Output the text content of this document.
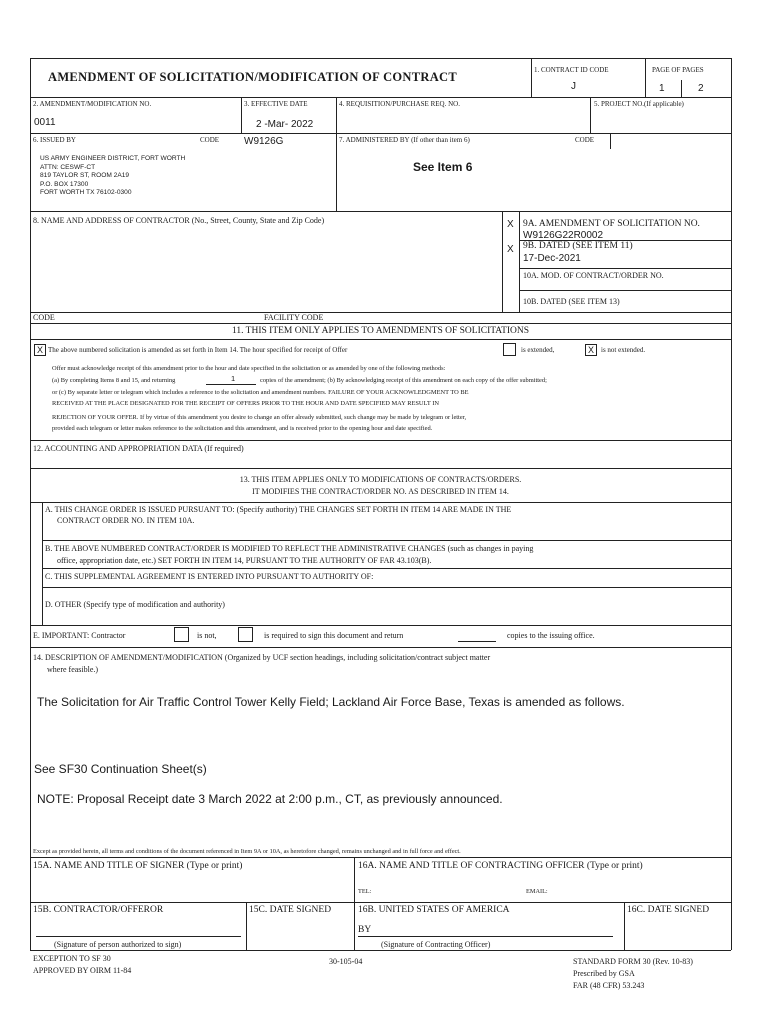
AMENDMENT OF SOLICITATION/MODIFICATION OF CONTRACT	1. CONTRACT ID CODE
J
PAGE OF PAGES
1	2
2. AMENDMENT/MODIFICATION NO.
0011
3. EFFECTIVE DATE
2 -Mar- 2022
4. REQUISITION/PURCHASE REQ. NO.	5. PROJECT NO.(If applicable)
6. ISSUED BY	CODE W9126G	7. ADMINISTERED BY (If other than item 6)	CODE
US ARMY ENGINEER DISTRICT, FORT WORTH
ATTN: CESWF-CT
819 TAYLOR ST, ROOM 2A19
P.O. BOX 17300
FORT WORTH TX 76102-0300
See Item 6
8. NAME AND ADDRESS OF CONTRACTOR (No., Street, County, State and Zip Code)	X 9A. AMENDMENT OF SOLICITATION NO.
W9126G22R0002
X 9B. DATED (SEE ITEM 11)
17-Dec-2021
10A. MOD. OF CONTRACT/ORDER NO.
10B. DATED (SEE ITEM 13)
CODE	FACILITY CODE
11. THIS ITEM ONLY APPLIES TO AMENDMENTS OF SOLICITATIONS
X The above numbered solicitation is amended as set forth in Item 14. The hour specified for receipt of Offer	is extended,	X	is not extended.
Offer must acknowledge receipt of this amendment prior to the hour and date specified in the solicitation or as amended by one of the following methods:
(a) By completing Items 8 and 15, and returning	1	copies of the amendment; (b) By acknowledging receipt of this amendment on each copy of the offer submitted;
or (c) By separate letter or telegram which includes a reference to the solicitation and amendment numbers. FAILURE OF YOUR ACKNOWLEDGMENT TO BE
RECEIVED AT THE PLACE DESIGNATED FOR THE RECEIPT OF OFFERS PRIOR TO THE HOUR AND DATE SPECIFIED MAY RESULT IN
REJECTION OF YOUR OFFER. If by virtue of this amendment you desire to change an offer already submitted, such change may be made by telegram or letter,
provided each telegram or letter makes reference to the solicitation and this amendment, and is received prior to the opening hour and date specified.
12. ACCOUNTING AND APPROPRIATION DATA (If required)
13. THIS ITEM APPLIES ONLY TO MODIFICATIONS OF CONTRACTS/ORDERS.
IT MODIFIES THE CONTRACT/ORDER NO. AS DESCRIBED IN ITEM 14.
A. THIS CHANGE ORDER IS ISSUED PURSUANT TO: (Specify authority) THE CHANGES SET FORTH IN ITEM 14 ARE MADE IN THE
CONTRACT ORDER NO. IN ITEM 10A.
B. THE ABOVE NUMBERED CONTRACT/ORDER IS MODIFIED TO REFLECT THE ADMINISTRATIVE CHANGES (such as changes in paying
office, appropriation date, etc.) SET FORTH IN ITEM 14, PURSUANT TO THE AUTHORITY OF FAR 43.103(B).
C. THIS SUPPLEMENTAL AGREEMENT IS ENTERED INTO PURSUANT TO AUTHORITY OF:
D. OTHER (Specify type of modification and authority)
E. IMPORTANT: Contractor	is not,	is required to sign this document and return	copies to the issuing office.
14. DESCRIPTION OF AMENDMENT/MODIFICATION (Organized by UCF section headings, including solicitation/contract subject matter
where feasible.)
The Solicitation for Air Traffic Control Tower Kelly Field; Lackland Air Force Base, Texas is amended as follows.
See SF30 Continuation Sheet(s)
NOTE: Proposal Receipt date 3 March 2022 at 2:00 p.m., CT, as previously announced.
Except as provided herein, all terms and conditions of the document referenced in Item 9A or 10A, as heretofore changed, remains unchanged and in full force and effect.
15A. NAME AND TITLE OF SIGNER (Type or print)	16A. NAME AND TITLE OF CONTRACTING OFFICER (Type or print)
TEL:	EMAIL:
15B. CONTRACTOR/OFFEROR	15C. DATE SIGNED	16B. UNITED STATES OF AMERICA	16C. DATE SIGNED
BY
(Signature of person authorized to sign)	(Signature of Contracting Officer)
EXCEPTION TO SF 30
APPROVED BY OIRM 11-84
30-105-04	STANDARD FORM 30 (Rev. 10-83)
Prescribed by GSA
FAR (48 CFR) 53.243
